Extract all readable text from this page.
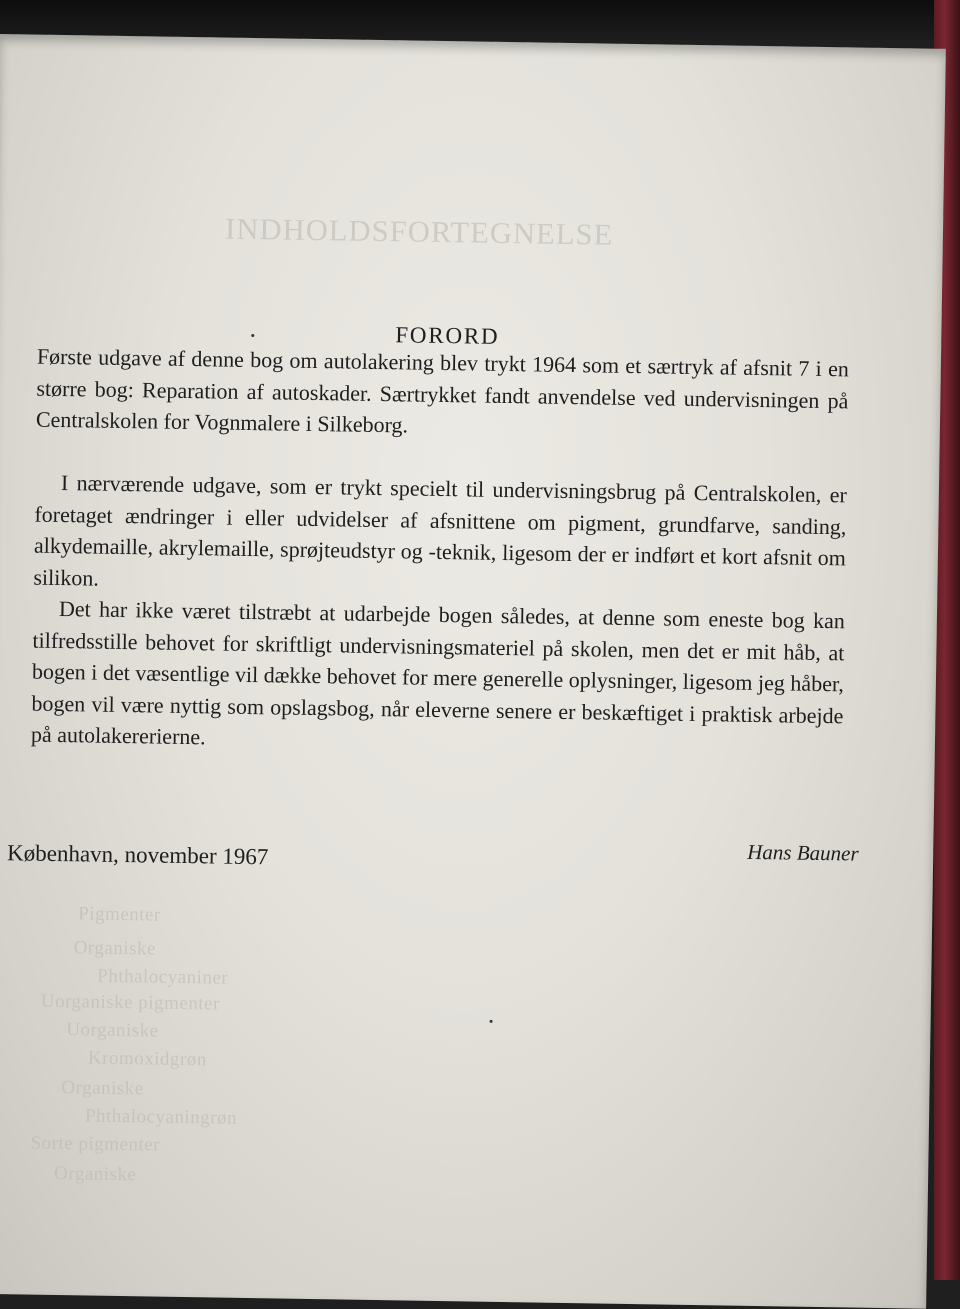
INDHOLDSFORTEGNELSE
Pigmenter
Organiske
Phthalocyaniner
Uorganiske pigmenter
Uorganiske
Kromoxidgrøn
Organiske
Phthalocyaningrøn
Sorte pigmenter
Organiske
FORORD

Første udgave af denne bog om autolakering blev trykt 1964 som et særtryk af afsnit 7 i en større bog: Reparation af autoskader. Særtrykket fandt anvendelse ved undervisningen på Centralskolen for Vognmalere i Silkeborg.

I nærværende udgave, som er trykt specielt til undervisningsbrug på Centralskolen, er foretaget ændringer i eller udvidelser af afsnittene om pigment, grundfarve, sanding, alkydemaille, akrylemaille, sprøjteudstyr og -teknik, ligesom der er indført et kort afsnit om silikon.

Det har ikke været tilstræbt at udarbejde bogen således, at denne som eneste bog kan tilfredsstille behovet for skriftligt undervisningsmateriel på skolen, men det er mit håb, at bogen i det væsentlige vil dække behovet for mere generelle oplysninger, ligesom jeg håber, bogen vil være nyttig som opslagsbog, når eleverne senere er beskæftiget i praktisk arbejde på autolakererierne.

København, november 1967	Hans Bauner
